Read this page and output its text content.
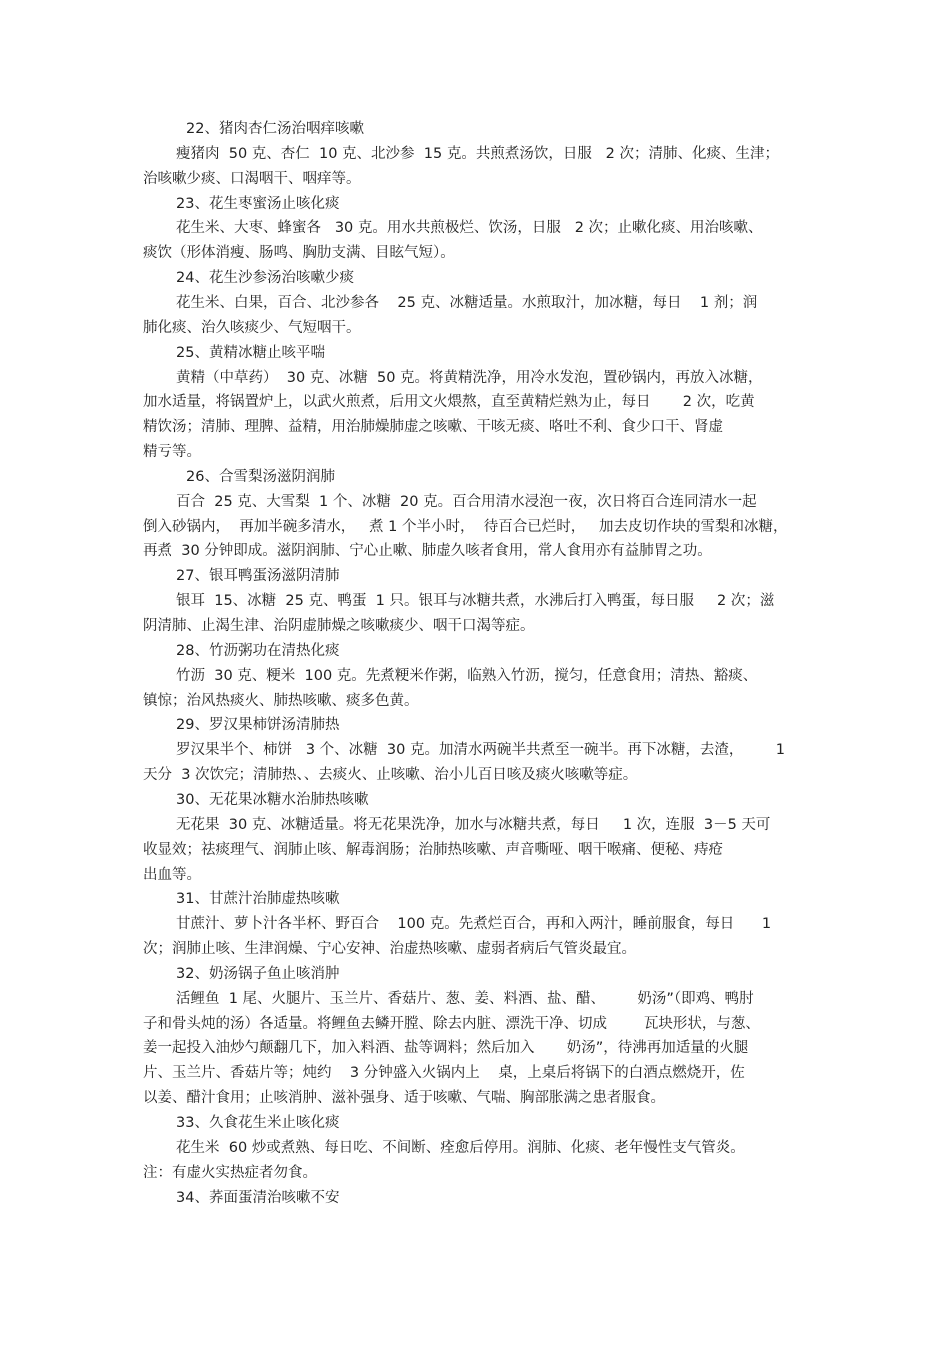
22、猪肉杏仁汤治咽痒咳嗽
瘦猪肉  50 克、杏仁  10 克、北沙参  15 克。共煎煮汤饮，日服   2 次；清肺、化痰、生津；
治咳嗽少痰、口渴咽干、咽痒等。
23、花生枣蜜汤止咳化痰
花生米、大枣、蜂蜜各   30 克。用水共煎极烂、饮汤，日服   2 次；止嗽化痰、用治咳嗽、
痰饮（形体消瘦、肠鸣、胸肋支满、目眩气短）。
24、花生沙参汤治咳嗽少痰
花生米、白果，百合、北沙参各    25 克、冰糖适量。水煎取汁，加冰糖，每日    1 剂；润
肺化痰、治久咳痰少、气短咽干。
25、黄精冰糖止咳平喘
黄精（中草药）  30 克、冰糖  50 克。将黄精洗净，用冷水发泡，置砂锅内，再放入冰糖，
加水适量，将锅置炉上，以武火煎煮，后用文火煨熬，直至黄精烂熟为止，每日       2 次，吃黄
精饮汤；清肺、理脾、益精，用治肺燥肺虚之咳嗽、干咳无痰、咯吐不利、食少口干、肾虚
精亏等。
26、合雪梨汤滋阴润肺
百合  25 克、大雪梨  1 个、冰糖  20 克。百合用清水浸泡一夜，次日将百合连同清水一起
倒入砂锅内，  再加半碗多清水，   煮 1 个半小时，  待百合已烂时，   加去皮切作块的雪梨和冰糖，
再煮  30 分钟即成。滋阴润肺、宁心止嗽、肺虚久咳者食用，常人食用亦有益肺胃之功。
27、银耳鸭蛋汤滋阴清肺
银耳  15、冰糖  25 克、鸭蛋  1 只。银耳与冰糖共煮，水沸后打入鸭蛋，每日服     2 次；滋
阴清肺、止渴生津、治阴虚肺燥之咳嗽痰少、咽干口渴等症。
28、竹沥粥功在清热化痰
竹沥  30 克、粳米  100 克。先煮粳米作粥，临熟入竹沥，搅匀，任意食用；清热、豁痰、
镇惊；治风热痰火、肺热咳嗽、痰多色黄。
29、罗汉果柿饼汤清肺热
罗汉果半个、柿饼   3 个、冰糖  30 克。加清水两碗半共煮至一碗半。再下冰糖，去渣，       1
天分  3 次饮完；清肺热、、去痰火、止咳嗽、治小儿百日咳及痰火咳嗽等症。
30、无花果冰糖水治肺热咳嗽
无花果  30 克、冰糖适量。将无花果洗净，加水与冰糖共煮，每日     1 次，连服  3－5 天可
收显效；祛痰理气、润肺止咳、解毒润肠；治肺热咳嗽、声音嘶哑、咽干喉痛、便秘、痔疮
出血等。
31、甘蔗汁治肺虚热咳嗽
甘蔗汁、萝卜汁各半杯、野百合    100 克。先煮烂百合，再和入两汁，睡前服食，每日      1
次；润肺止咳、生津润燥、宁心安神、治虚热咳嗽、虚弱者病后气管炎最宜。
32、奶汤锅子鱼止咳消肿
活鲤鱼  1 尾、火腿片、玉兰片、香菇片、葱、姜、料酒、盐、醋、       奶汤”（即鸡、鸭肘
子和骨头炖的汤）各适量。将鲤鱼去鳞开膛、除去内脏、漂洗干净、切成        瓦块形状，与葱、
姜一起投入油炒勺颠翻几下，加入料酒、盐等调料；然后加入       奶汤”，待沸再加适量的火腿
片、玉兰片、香菇片等；炖约    3 分钟盛入火锅内上    桌，上桌后将锅下的白酒点燃烧开，佐
以姜、醋汁食用；止咳消肿、滋补强身、适于咳嗽、气喘、胸部胀满之患者服食。
33、久食花生米止咳化痰
花生米  60 炒或煮熟、每日吃、不间断、痊愈后停用。润肺、化痰、老年慢性支气管炎。
注：有虚火实热症者勿食。
34、荞面蛋清治咳嗽不安
